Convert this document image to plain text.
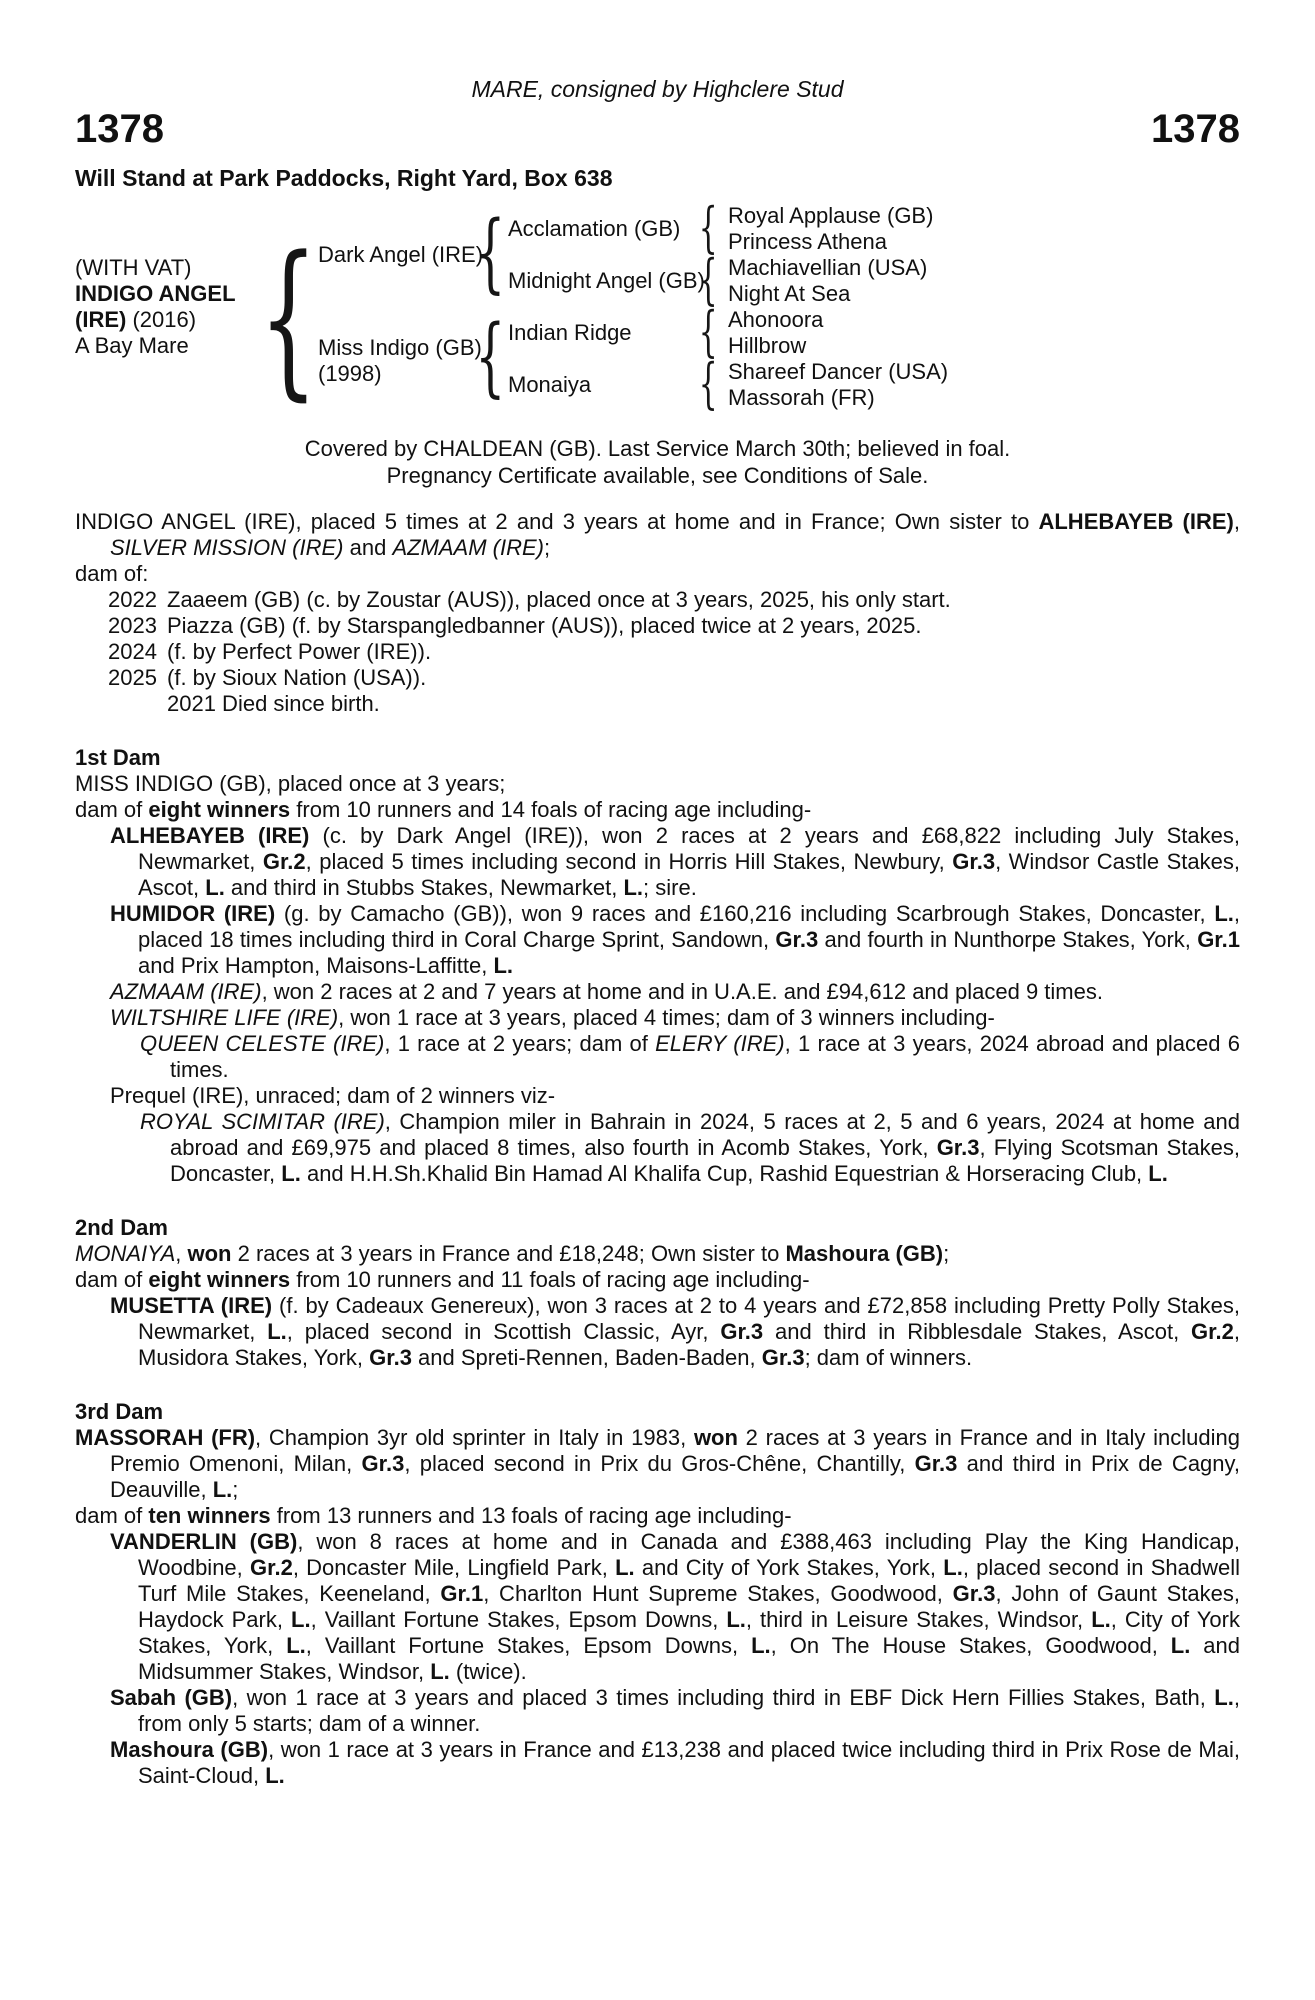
MARE, consigned by Highclere Stud
1378	1378
Will Stand at Park Paddocks, Right Yard, Box 638
(WITH VAT)
INDIGO ANGEL (IRE) (2016)
A Bay Mare { Dark Angel (IRE)
Miss Indigo (GB)
(1998)
{
{
Acclamation (GB)
Midnight Angel (GB)
Indian Ridge
Monaiya
{
{
{
{
Royal Applause (GB)
Princess Athena
Machiavellian (USA)
Night At Sea
Ahonoora
Hillbrow
Shareef Dancer (USA)
Massorah (FR)
Covered by CHALDEAN (GB). Last Service March 30th; believed in foal.
Pregnancy Certificate available, see Conditions of Sale.

INDIGO ANGEL (IRE), placed 5 times at 2 and 3 years at home and in France; Own sister to ALHEBAYEB (IRE), SILVER MISSION (IRE) and AZMAAM (IRE);

dam of:

2022 Zaaeem (GB) (c. by Zoustar (AUS)), placed once at 3 years, 2025, his only start.
2023 Piazza (GB) (f. by Starspangledbanner (AUS)), placed twice at 2 years, 2025.
2024 (f. by Perfect Power (IRE)).
2025 (f. by Sioux Nation (USA)).
2021 Died since birth.
1st Dam

MISS INDIGO (GB), placed once at 3 years;

dam of eight winners from 10 runners and 14 foals of racing age including-

ALHEBAYEB (IRE) (c. by Dark Angel (IRE)), won 2 races at 2 years and £68,822 including July Stakes, Newmarket, Gr.2, placed 5 times including second in Horris Hill Stakes, Newbury, Gr.3, Windsor Castle Stakes, Ascot, L. and third in Stubbs Stakes, Newmarket, L.; sire.

HUMIDOR (IRE) (g. by Camacho (GB)), won 9 races and £160,216 including Scarbrough Stakes, Doncaster, L., placed 18 times including third in Coral Charge Sprint, Sandown, Gr.3 and fourth in Nunthorpe Stakes, York, Gr.1 and Prix Hampton, Maisons-Laffitte, L.

AZMAAM (IRE), won 2 races at 2 and 7 years at home and in U.A.E. and £94,612 and placed 9 times.

WILTSHIRE LIFE (IRE), won 1 race at 3 years, placed 4 times; dam of 3 winners including-

QUEEN CELESTE (IRE), 1 race at 2 years; dam of ELERY (IRE), 1 race at 3 years, 2024 abroad and placed 6 times.

Prequel (IRE), unraced; dam of 2 winners viz-

ROYAL SCIMITAR (IRE), Champion miler in Bahrain in 2024, 5 races at 2, 5 and 6 years, 2024 at home and abroad and £69,975 and placed 8 times, also fourth in Acomb Stakes, York, Gr.3, Flying Scotsman Stakes, Doncaster, L. and H.H.Sh.Khalid Bin Hamad Al Khalifa Cup, Rashid Equestrian & Horseracing Club, L.

2nd Dam

MONAIYA, won 2 races at 3 years in France and £18,248; Own sister to Mashoura (GB);

dam of eight winners from 10 runners and 11 foals of racing age including-

MUSETTA (IRE) (f. by Cadeaux Genereux), won 3 races at 2 to 4 years and £72,858 including Pretty Polly Stakes, Newmarket, L., placed second in Scottish Classic, Ayr, Gr.3 and third in Ribblesdale Stakes, Ascot, Gr.2, Musidora Stakes, York, Gr.3 and Spreti-Rennen, Baden-Baden, Gr.3; dam of winners.

3rd Dam

MASSORAH (FR), Champion 3yr old sprinter in Italy in 1983, won 2 races at 3 years in France and in Italy including Premio Omenoni, Milan, Gr.3, placed second in Prix du Gros-Chêne, Chantilly, Gr.3 and third in Prix de Cagny, Deauville, L.;

dam of ten winners from 13 runners and 13 foals of racing age including-

VANDERLIN (GB), won 8 races at home and in Canada and £388,463 including Play the King Handicap, Woodbine, Gr.2, Doncaster Mile, Lingfield Park, L. and City of York Stakes, York, L., placed second in Shadwell Turf Mile Stakes, Keeneland, Gr.1, Charlton Hunt Supreme Stakes, Goodwood, Gr.3, John of Gaunt Stakes, Haydock Park, L., Vaillant Fortune Stakes, Epsom Downs, L., third in Leisure Stakes, Windsor, L., City of York Stakes, York, L., Vaillant Fortune Stakes, Epsom Downs, L., On The House Stakes, Goodwood, L. and Midsummer Stakes, Windsor, L. (twice).

Sabah (GB), won 1 race at 3 years and placed 3 times including third in EBF Dick Hern Fillies Stakes, Bath, L., from only 5 starts; dam of a winner.

Mashoura (GB), won 1 race at 3 years in France and £13,238 and placed twice including third in Prix Rose de Mai, Saint-Cloud, L.
